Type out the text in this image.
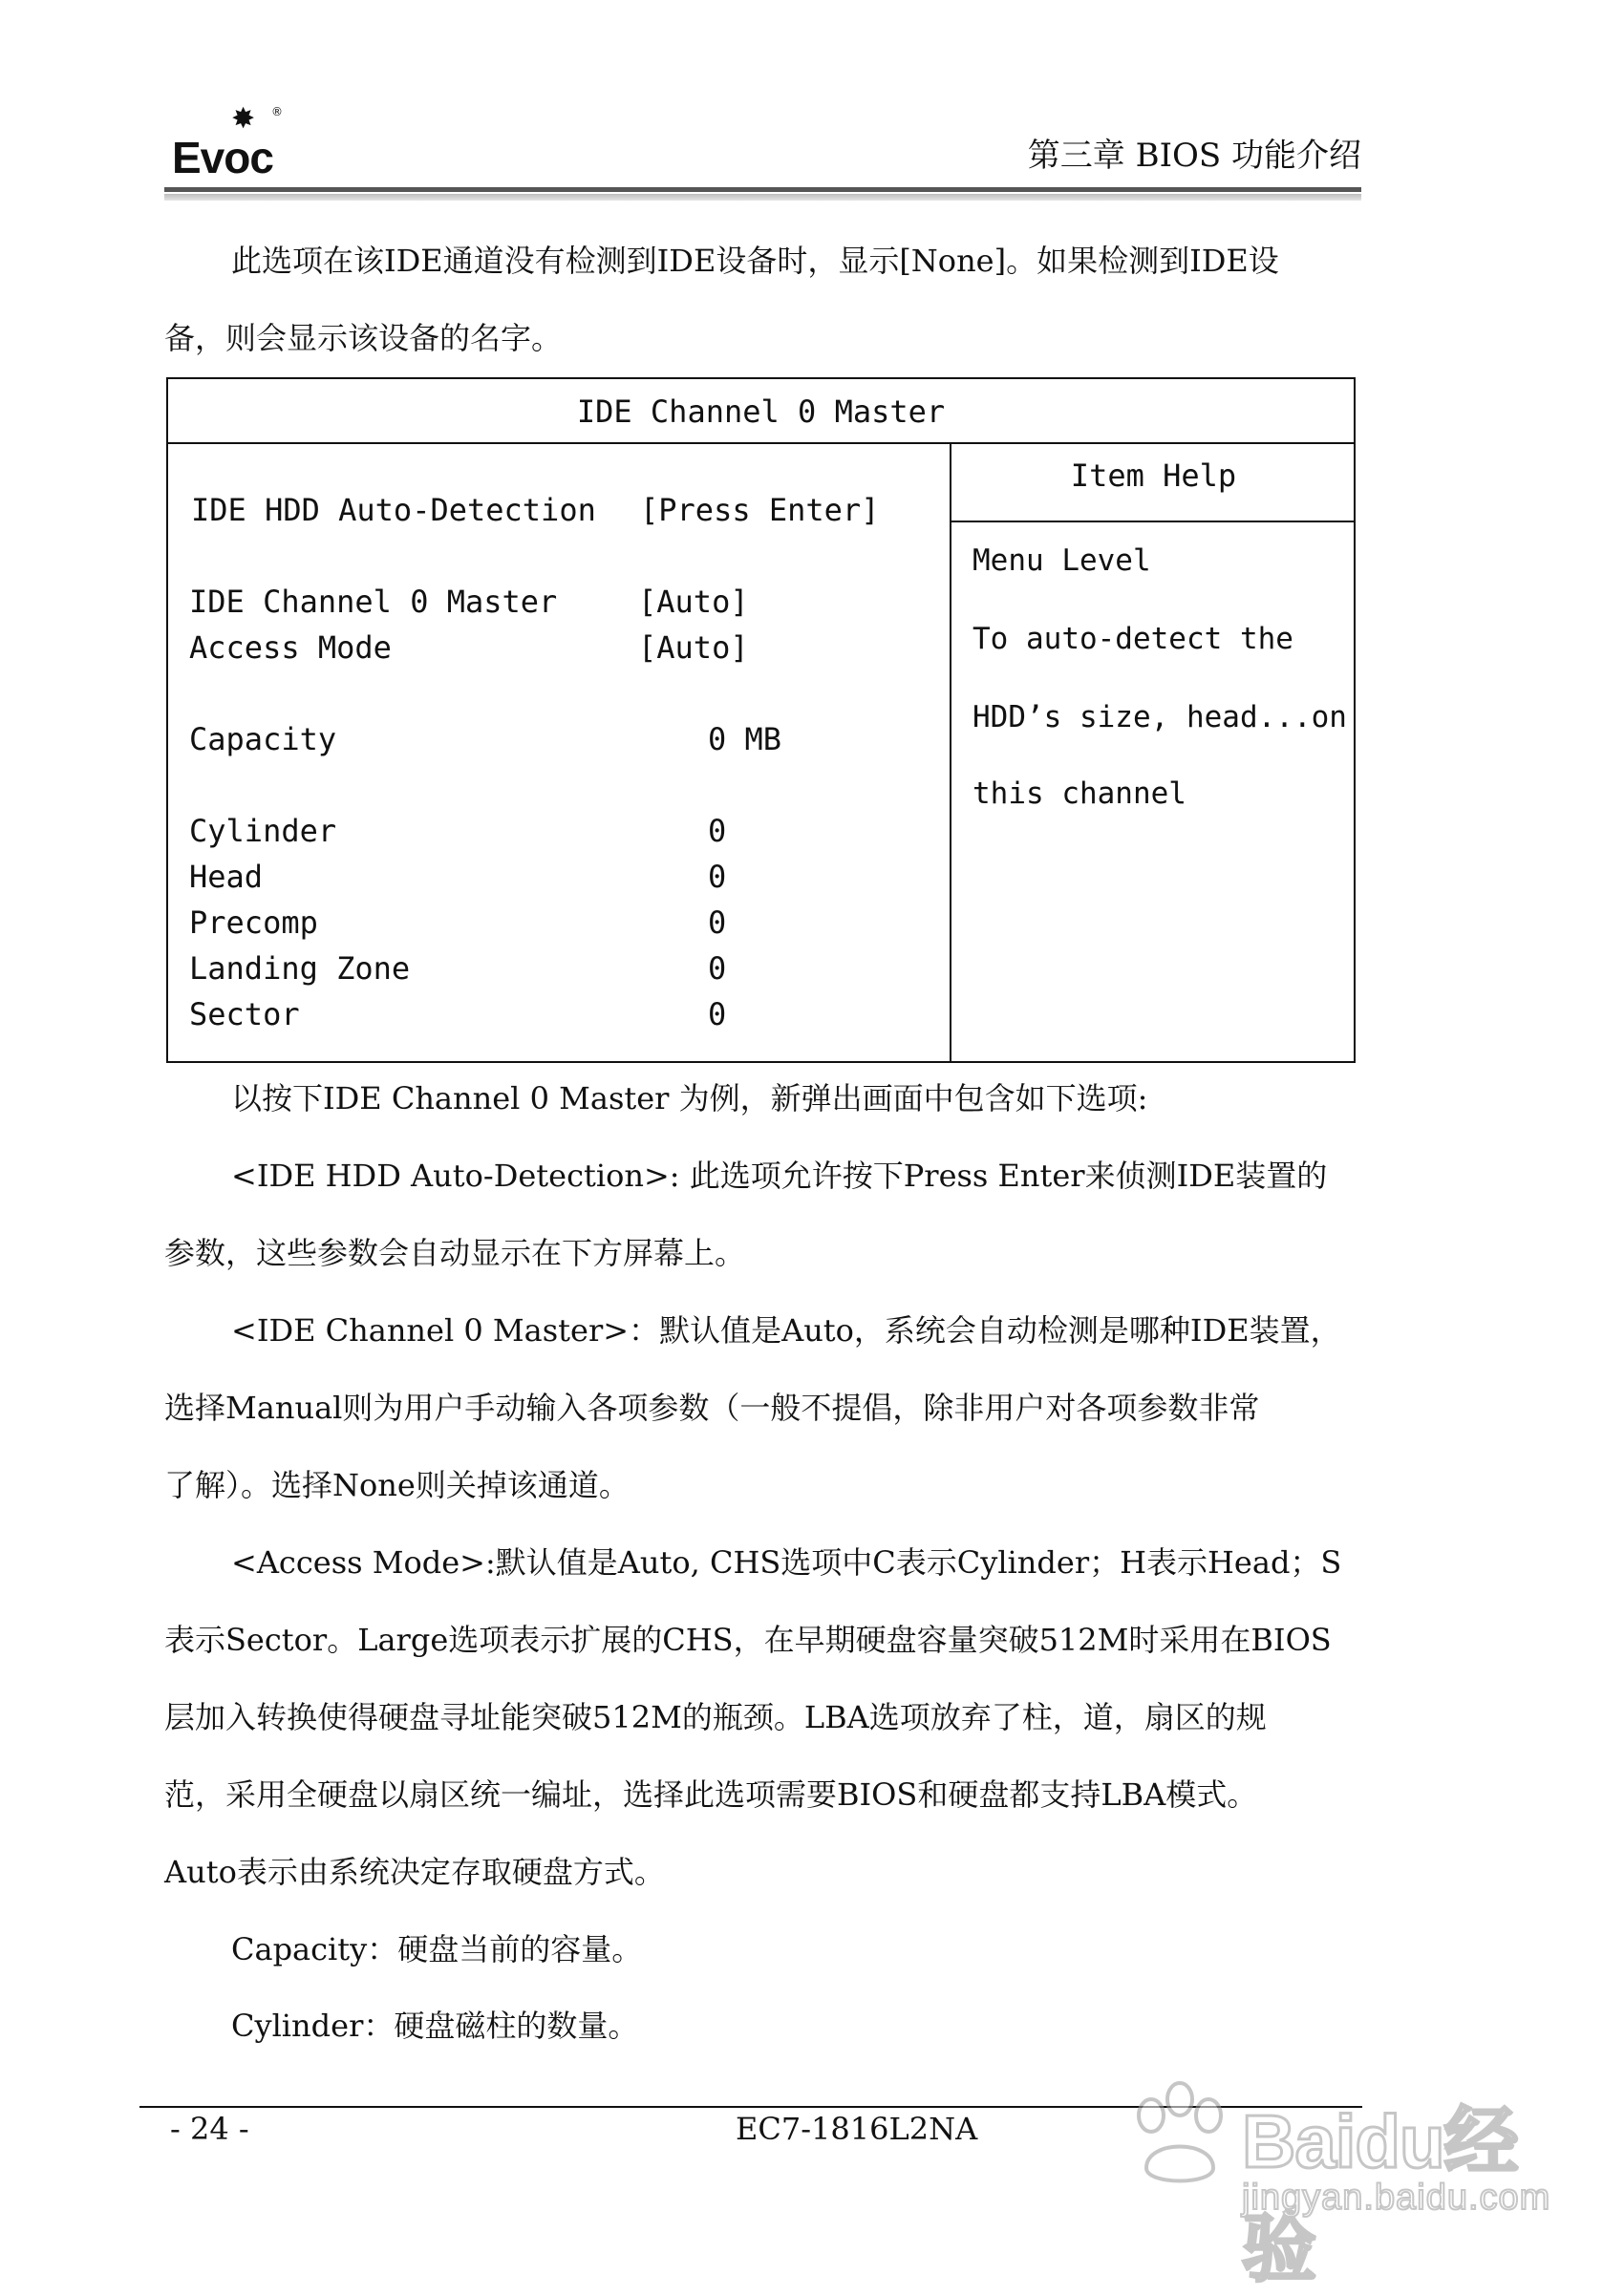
✸ ®
Evoc	第三章 BIOS 功能介绍

此选项在该IDE通道没有检测到IDE设备时，显示[None]。如果检测到IDE设
备，则会显示该设备的名字。

IDE Channel 0 Master
Item Help
IDE HDD Auto-Detection [Press Enter]
IDE Channel 0 Master	[Auto]
Access Mode	[Auto]
Capacity	0 MB
Cylinder	0
Head	0
Precomp	0
Landing Zone	0
Sector	0
Menu Level
To auto-detect the
HDD’s size, head...on
this channel

以按下IDE Channel 0 Master 为例，新弹出画面中包含如下选项:

<IDE HDD Auto-Detection>: 此选项允许按下Press Enter来侦测IDE装置的
参数，这些参数会自动显示在下方屏幕上。

<IDE Channel 0 Master>：默认值是Auto，系统会自动检测是哪种IDE装置，
选择Manual则为用户手动输入各项参数（一般不提倡，除非用户对各项参数非常
了解）。选择None则关掉该通道。

<Access Mode>:默认值是Auto, CHS选项中C表示Cylinder；H表示Head；S
表示Sector。Large选项表示扩展的CHS，在早期硬盘容量突破512M时采用在BIOS
层加入转换使得硬盘寻址能突破512M的瓶颈。LBA选项放弃了柱，道，扇区的规
范，采用全硬盘以扇区统一编址，选择此选项需要BIOS和硬盘都支持LBA模式。
Auto表示由系统决定存取硬盘方式。

Capacity：硬盘当前的容量。

Cylinder：硬盘磁柱的数量。

- 24 -	EC7-1816L2NA	Baidu经验
jingyan.baidu.com
